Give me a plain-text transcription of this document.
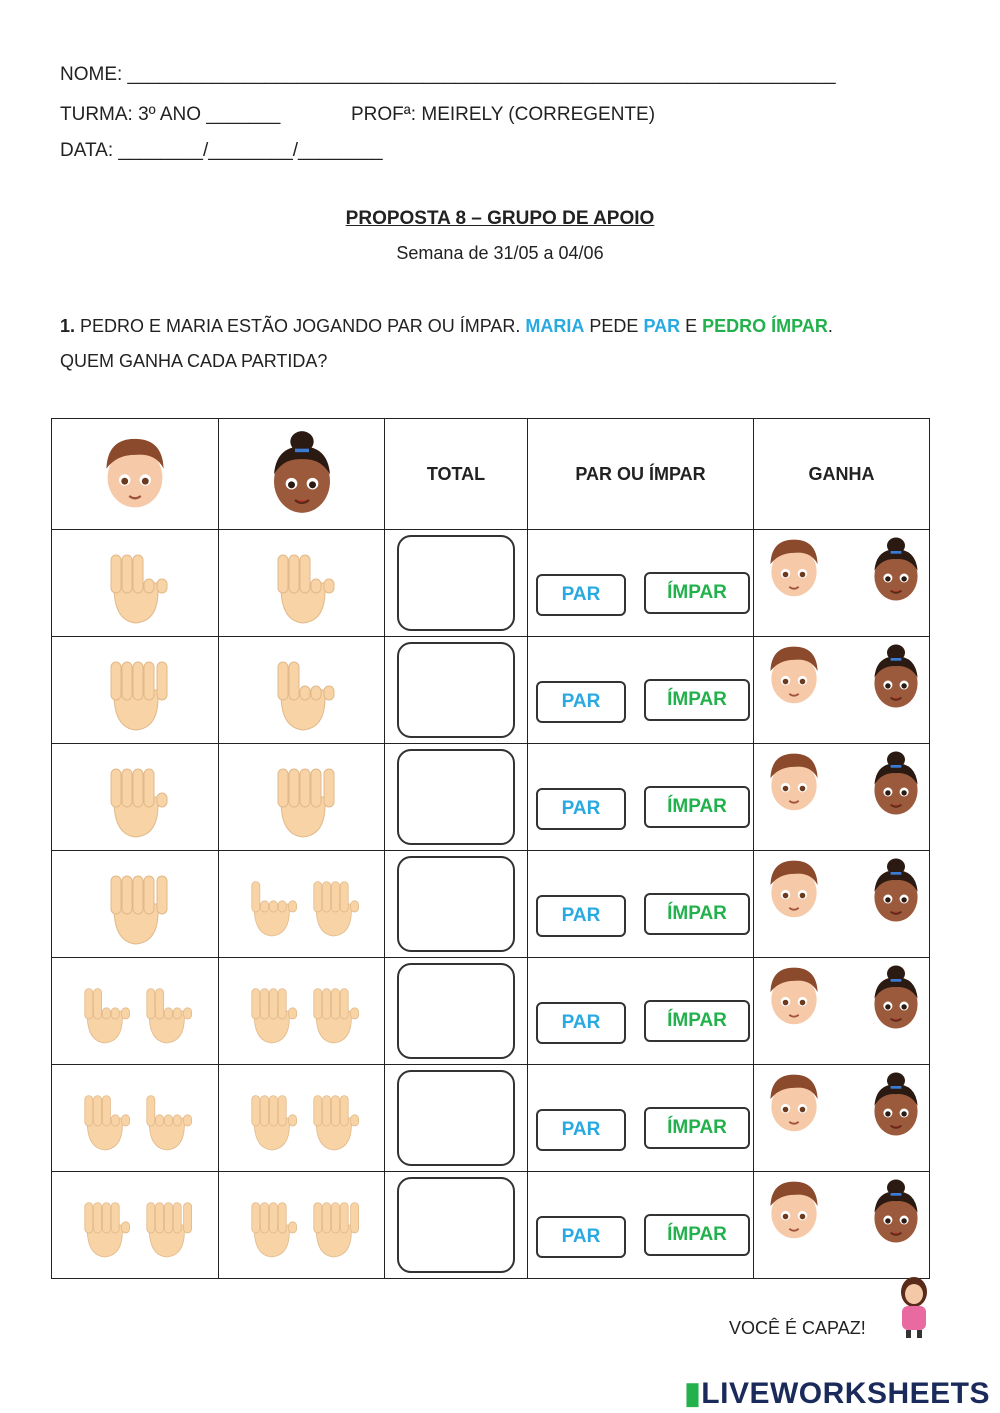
NOME: ___________________________________________________________________
TURMA: 3º ANO _______	PROFª: MEIRELY (CORREGENTE)
DATA: ________/________/________
PROPOSTA 8 – GRUPO DE APOIO
Semana de 31/05 a 04/06
1. PEDRO E MARIA ESTÃO JOGANDO PAR OU ÍMPAR. MARIA PEDE PAR E PEDRO ÍMPAR.
QUEM GANHA CADA PARTIDA?
		TOTAL	PAR OU ÍMPAR	GANHA

PAR ÍMPAR

PAR ÍMPAR

PAR ÍMPAR

PAR ÍMPAR

PAR ÍMPAR

PAR ÍMPAR

PAR ÍMPAR

VOCÊ É CAPAZ!
▮LIVEWORKSHEETS
